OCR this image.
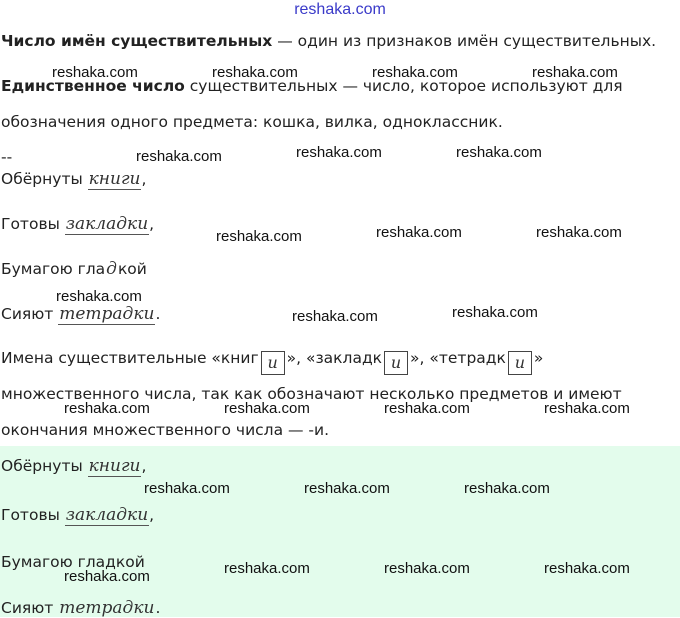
reshaka.com
Число имён существительных — один из признаков имён существительных.
Единственное число существительных — число, которое используют для
обозначения одного предмета: кошка, вилка, одноклассник.
--
Обёрнуты книги,
Готовы закладки,
Бумагою гладкой
Сияют тетрадки.
Имена существительные «книг и », «закладк и », «тетрадк и »
множественного числа, так как обозначают несколько предметов и имеют
окончания множественного числа — -и.
Обёрнуты книги,
Готовы закладки,
Бумагою гладкой
Сияют тетрадки.
reshaka.com	reshaka.com	reshaka.com	reshaka.com
reshaka.com	reshaka.com	reshaka.com
reshaka.com	reshaka.com	reshaka.com
reshaka.com
reshaka.com	reshaka.com
reshaka.com	reshaka.com	reshaka.com	reshaka.com
reshaka.com	reshaka.com	reshaka.com
reshaka.com	reshaka.com	reshaka.com	reshaka.com
